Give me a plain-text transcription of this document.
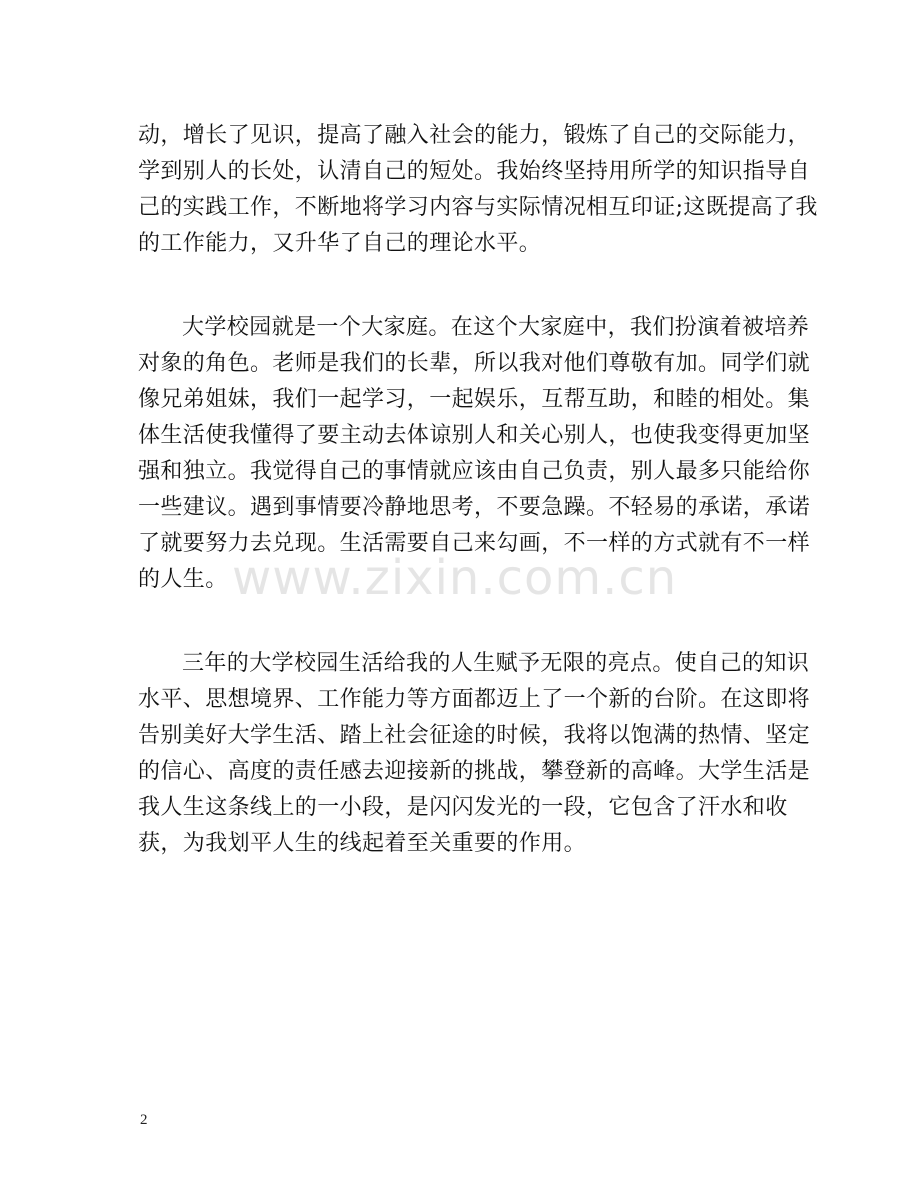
动，增长了见识，提高了融入社会的能力，锻炼了自己的交际能力，
学到别人的长处，认清自己的短处。我始终坚持用所学的知识指导自
己的实践工作，不断地将学习内容与实际情况相互印证;这既提高了我
的工作能力，又升华了自己的理论水平。
大学校园就是一个大家庭。在这个大家庭中，我们扮演着被培养
对象的角色。老师是我们的长辈，所以我对他们尊敬有加。同学们就
像兄弟姐妹，我们一起学习，一起娱乐，互帮互助，和睦的相处。集
体生活使我懂得了要主动去体谅别人和关心别人，也使我变得更加坚
强和独立。我觉得自己的事情就应该由自己负责，别人最多只能给你
一些建议。遇到事情要冷静地思考，不要急躁。不轻易的承诺，承诺
了就要努力去兑现。生活需要自己来勾画，不一样的方式就有不一样
的人生。
三年的大学校园生活给我的人生赋予无限的亮点。使自己的知识
水平、思想境界、工作能力等方面都迈上了一个新的台阶。在这即将
告别美好大学生活、踏上社会征途的时候，我将以饱满的热情、坚定
的信心、高度的责任感去迎接新的挑战，攀登新的高峰。大学生活是
我人生这条线上的一小段，是闪闪发光的一段，它包含了汗水和收
获，为我划平人生的线起着至关重要的作用。
www.zixin.com.cn
2
